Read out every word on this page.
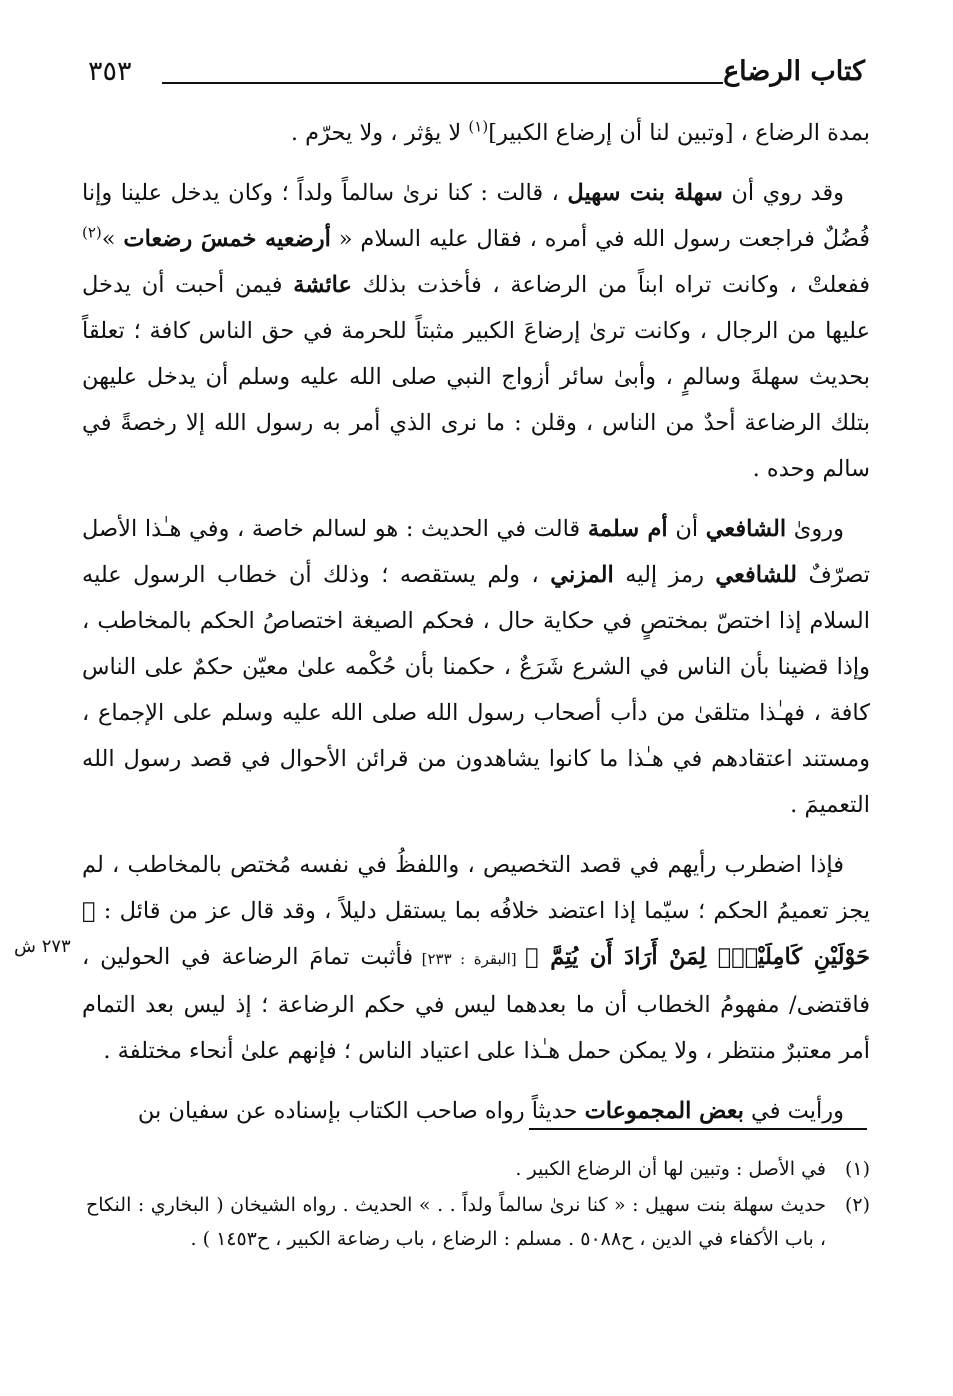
كتاب الرضاع
٣٥٣

بمدة الرضاع ، [وتبين لنا أن إرضاع الكبير]$^{(١)}$ لا يؤثر ، ولا يحرّم .

وقد روي أن سهلة بنت سهيل ، قالت : كنا نرىٰ سالماً ولداً ؛ وكان يدخل علينا وإنا فُضُلٌ فراجعت رسول الله في أمره ، فقال عليه السلام « أرضعيه خمسَ رضعات »$^{(٢)}$ ففعلتْ ، وكانت تراه ابناً من الرضاعة ، فأخذت بذلك عائشة فيمن أحبت أن يدخل عليها من الرجال ، وكانت ترىٰ إرضاعَ الكبير مثبتاً للحرمة في حق الناس كافة ؛ تعلقاً بحديث سهلةَ وسالمٍ ، وأبىٰ سائر أزواج النبي صلى الله عليه وسلم أن يدخل عليهن بتلك الرضاعة أحدٌ من الناس ، وقلن : ما نرى الذي أمر به رسول الله إلا رخصةً في سالم وحده .

ورویٰ الشافعي أن أم سلمة قالت في الحديث : هو لسالم خاصة ، وفي هـٰذا الأصل تصرّفٌ للشافعي رمز إليه المزني ، ولم يستقصه ؛ وذلك أن خطاب الرسول عليه السلام إذا اختصّ بمختصٍ في حكاية حال ، فحكم الصيغة اختصاصُ الحكم بالمخاطب ، وإذا قضينا بأن الناس في الشرع شَرَعٌ ، حكمنا بأن حُكْمه علىٰ معيّن حكمٌ على الناس كافة ، فهـٰذا متلقىٰ من دأب أصحاب رسول الله صلى الله عليه وسلم على الإجماع ، ومستند اعتقادهم في هـٰذا ما كانوا يشاهدون من قرائن الأحوال في قصد رسول الله التعميمَ .

فإذا اضطرب رأيهم في قصد التخصيص ، واللفظُ في نفسه مُختص بالمخاطب ، لم يجز تعميمُ الحكم ؛ سيّما إذا اعتضد خلافُه بما يستقل دليلاً ، وقد قال عز من قائل : ﴿ حَوْلَيْنِ كَامِلَيْنِۖ لِمَنْ أَرَادَ أَن يُتِمَّ ﴾ [البقرة : ٢٣٣] فأثبت تمامَ الرضاعة في الحولين ، فاقتضى/ مفهومُ الخطاب أن ما بعدهما ليس في حكم الرضاعة ؛ إذ ليس بعد التمام أمر معتبرٌ منتظر ، ولا يمكن حمل هـٰذا على اعتياد الناس ؛ فإنهم علىٰ أنحاء مختلفة .

ورأيت في بعض المجموعات حديثاً رواه صاحب الكتاب بإسناده عن سفيان بن

٢٧٣ ش
(١)
في الأصل : وتبين لها أن الرضاع الكبير .
(٢)
حديث سهلة بنت سهيل : « كنا نرىٰ سالماً ولداً . . » الحديث . رواه الشيخان ( البخاري : النكاح ، باب الأكفاء في الدين ، ح٥٠٨٨ . مسلم : الرضاع ، باب رضاعة الكبير ، ح١٤٥٣ ) .
